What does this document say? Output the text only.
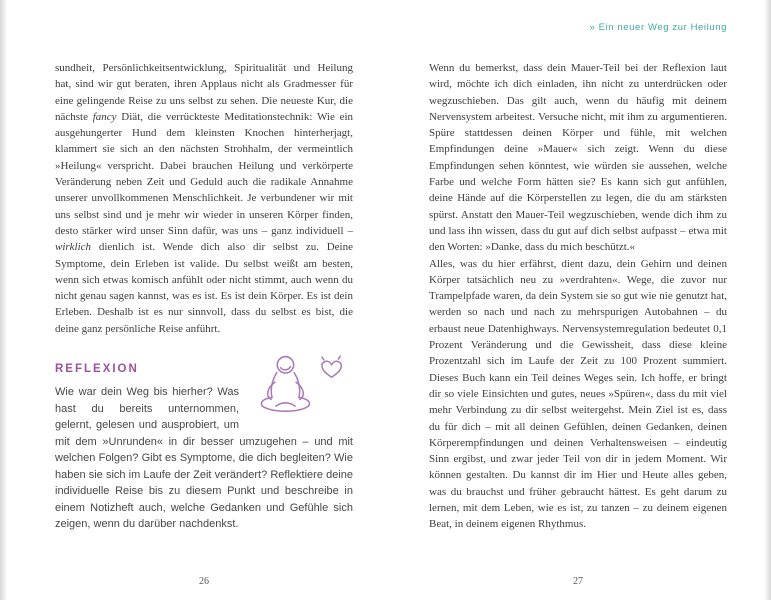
» Ein neuer Weg zur Heilung

sundheit, Persönlichkeitsentwicklung, Spiritualität und Heilung hat, sind wir gut beraten, ihren Applaus nicht als Gradmesser für eine gelingende Reise zu uns selbst zu sehen. Die neueste Kur, die nächste fancy Diät, die verrückteste Meditationstechnik: Wie ein ausgehungerter Hund dem kleinsten Knochen hinterherjagt, klammert sie sich an den nächsten Strohhalm, der vermeintlich »Heilung« verspricht. Dabei brauchen Heilung und verkörperte Veränderung neben Zeit und Geduld auch die radikale Annahme unserer unvollkommenen Menschlichkeit. Je verbundener wir mit uns selbst sind und je mehr wir wieder in unseren Körper finden, desto stärker wird unser Sinn dafür, was uns – ganz individuell – wirklich dienlich ist. Wende dich also dir selbst zu. Deine Symptome, dein Erleben ist valide. Du selbst weißt am besten, wenn sich etwas komisch anfühlt oder nicht stimmt, auch wenn du nicht genau sagen kannst, was es ist. Es ist dein Körper. Es ist dein Erleben. Deshalb ist es nur sinnvoll, dass du selbst es bist, die deine ganz persönliche Reise anführt.

REFLEXION

Wie war dein Weg bis hierher? Was hast du bereits unternommen, gelernt, gelesen und ausprobiert, um mit dem »Unrunden« in dir besser umzugehen – und mit welchen Folgen? Gibt es Symptome, die dich begleiten? Wie haben sie sich im Laufe der Zeit verändert? Reflektiere deine individuelle Reise bis zu diesem Punkt und beschreibe in einem Notizheft auch, welche Gedanken und Gefühle sich zeigen, wenn du darüber nachdenkst.

Wenn du bemerkst, dass dein Mauer-Teil bei der Reflexion laut wird, möchte ich dich einladen, ihn nicht zu unterdrücken oder wegzuschieben. Das gilt auch, wenn du häufig mit deinem Nervensystem arbeitest. Versuche nicht, mit ihm zu argumentieren. Spüre stattdessen deinen Körper und fühle, mit welchen Empfindungen deine »Mauer« sich zeigt. Wenn du diese Empfindungen sehen könntest, wie würden sie aussehen, welche Farbe und welche Form hätten sie? Es kann sich gut anfühlen, deine Hände auf die Körperstellen zu legen, die du am stärksten spürst. Anstatt den Mauer-Teil wegzuschieben, wende dich ihm zu und lass ihn wissen, dass du gut auf dich selbst aufpasst – etwa mit den Worten: »Danke, dass du mich beschützt.«

Alles, was du hier erfährst, dient dazu, dein Gehirn und deinen Körper tatsächlich neu zu »verdrahten«. Wege, die zuvor nur Trampelpfade waren, da dein System sie so gut wie nie genutzt hat, werden so nach und nach zu mehrspurigen Autobahnen – du erbaust neue Datenhighways. Nervensystemregulation bedeutet 0,1 Prozent Veränderung und die Gewissheit, dass diese kleine Prozentzahl sich im Laufe der Zeit zu 100 Prozent summiert. Dieses Buch kann ein Teil deines Weges sein. Ich hoffe, er bringt dir so viele Einsichten und gutes, neues »Spüren«, dass du mit viel mehr Verbindung zu dir selbst weitergehst. Mein Ziel ist es, dass du für dich – mit all deinen Gefühlen, deinen Gedanken, deinen Körperempfindungen und deinen Verhaltensweisen – eindeutig Sinn ergibst, und zwar jeder Teil von dir in jedem Moment. Wir können gestalten. Du kannst dir im Hier und Heute alles geben, was du brauchst und früher gebraucht hättest. Es geht darum zu lernen, mit dem Leben, wie es ist, zu tanzen – zu deinem eigenen Beat, in deinem eigenen Rhythmus.

26	27
